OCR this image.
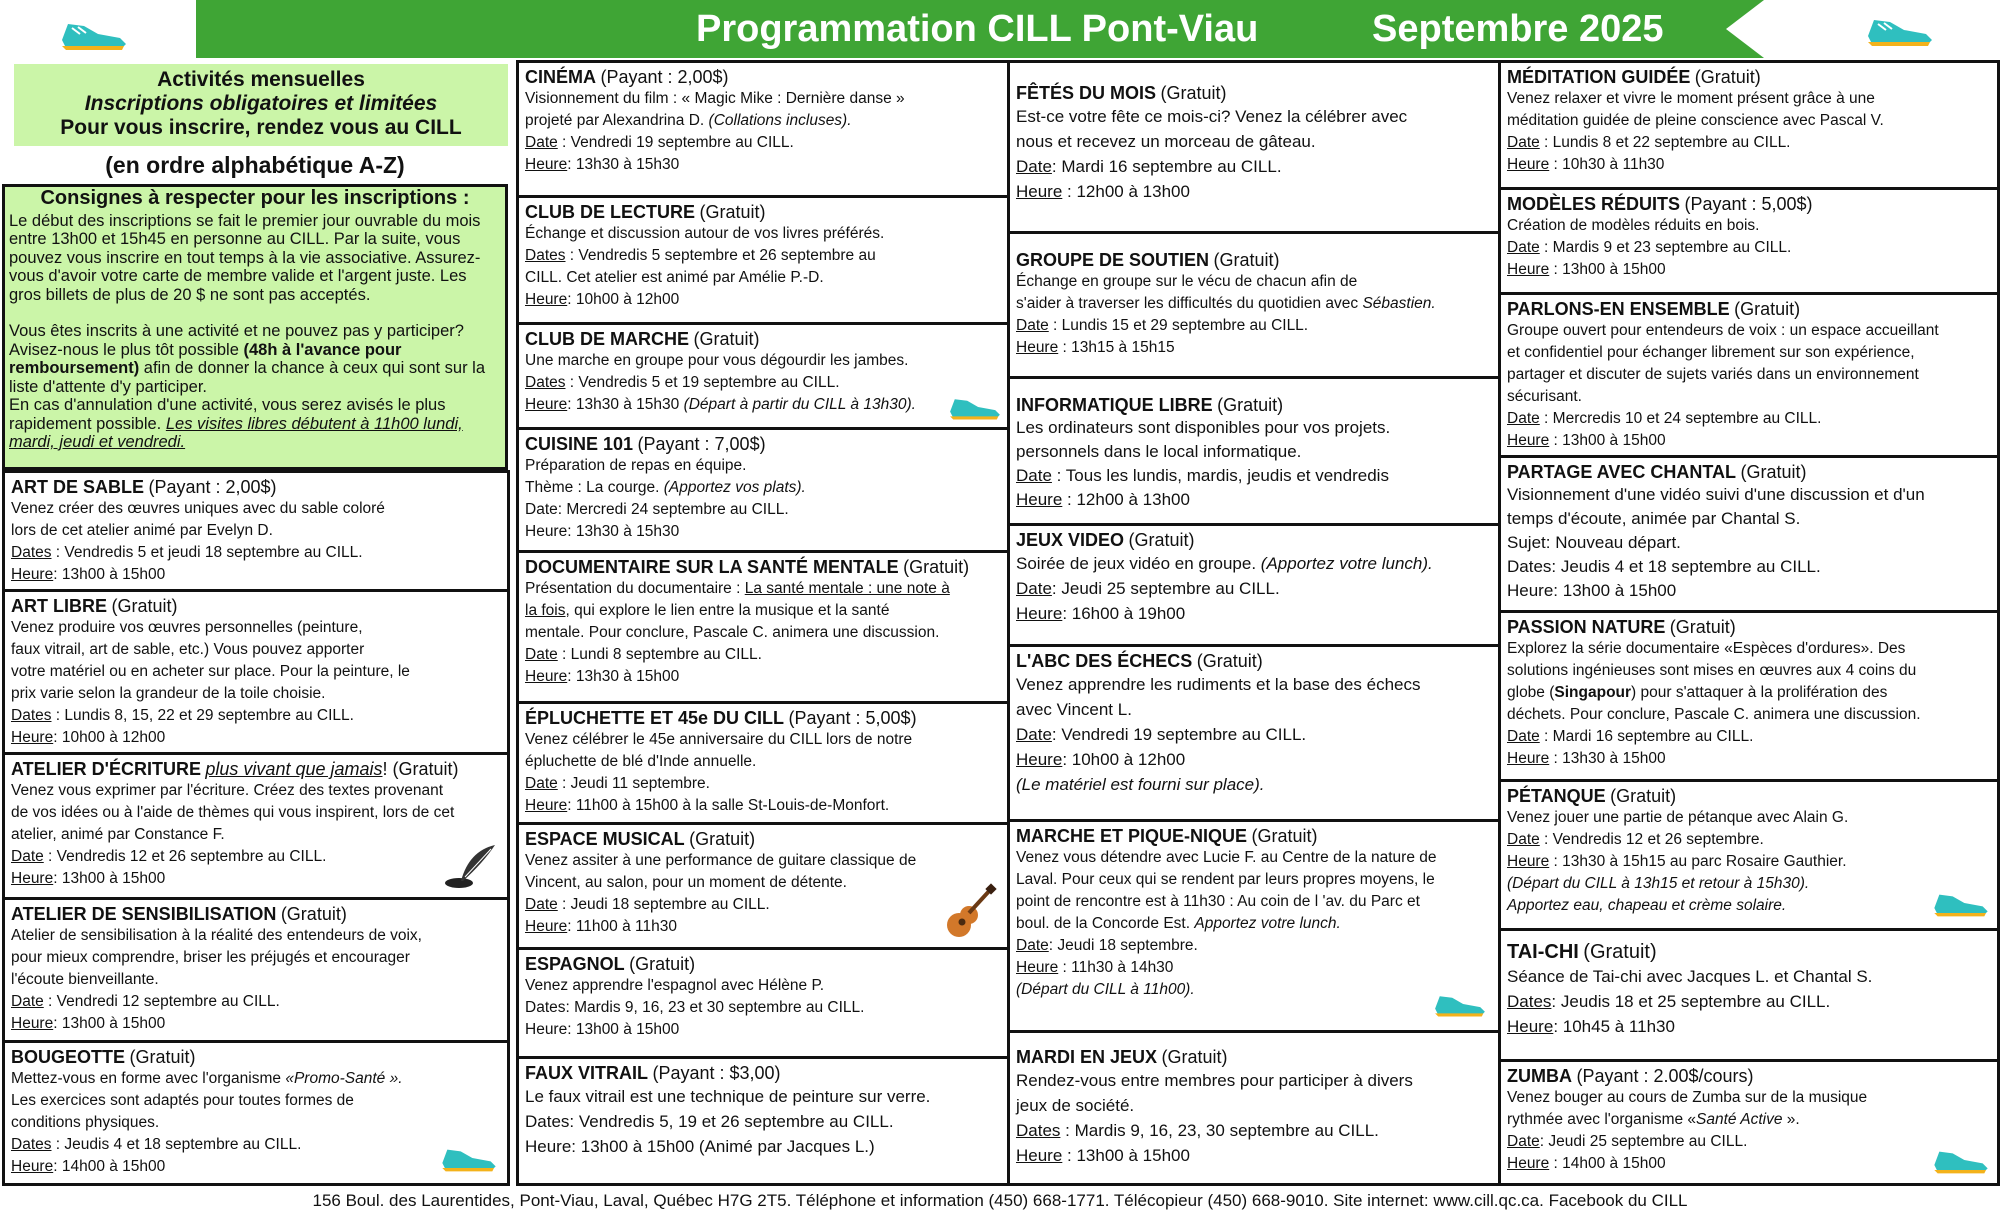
Programmation CILL Pont-Viau	Septembre 2025
Activités mensuelles
Inscriptions obligatoires et limitées
Pour vous inscrire, rendez vous au CILL
(en ordre alphabétique A-Z)
Consignes à respecter pour les inscriptions :
Le début des inscriptions se fait le premier jour ouvrable du mois entre 13h00 et 15h45 en personne au CILL. Par la suite, vous pouvez vous inscrire en tout temps à la vie associative. Assurez-vous d'avoir votre carte de membre valide et l'argent juste. Les gros billets de plus de 20 $ ne sont pas acceptés.
Vous êtes inscrits à une activité et ne pouvez pas y participer? Avisez-nous le plus tôt possible (48h à l'avance pour remboursement) afin de donner la chance à ceux qui sont sur la liste d'attente d'y participer.
En cas d'annulation d'une activité, vous serez avisés le plus rapidement possible. Les visites libres débutent à 11h00 lundi, mardi, jeudi et vendredi.
ART DE SABLE (Payant : 2,00$)

Venez créer des œuvres uniques avec du sable coloré

lors de cet atelier animé par Evelyn D.

Dates : Vendredis 5 et jeudi 18 septembre au CILL.

Heure: 13h00 à 15h00

ART LIBRE (Gratuit)

Venez produire vos œuvres personnelles (peinture,

faux vitrail, art de sable, etc.) Vous pouvez apporter

votre matériel ou en acheter sur place. Pour la peinture, le

prix varie selon la grandeur de la toile choisie.

Dates : Lundis 8, 15, 22 et 29 septembre au CILL.

Heure: 10h00 à 12h00

ATELIER D'ÉCRITURE plus vivant que jamais! (Gratuit)

Venez vous exprimer par l'écriture. Créez des textes provenant

de vos idées ou à l'aide de thèmes qui vous inspirent, lors de cet

atelier, animé par Constance F.

Date : Vendredis 12 et 26 septembre au CILL.

Heure: 13h00 à 15h00

ATELIER DE SENSIBILISATION (Gratuit)

Atelier de sensibilisation à la réalité des entendeurs de voix,

pour mieux comprendre, briser les préjugés et encourager

l'écoute bienveillante.

Date : Vendredi 12 septembre au CILL.

Heure: 13h00 à 15h00

BOUGEOTTE (Gratuit)

Mettez-vous en forme avec l'organisme «Promo-Santé ».

Les exercices sont adaptés pour toutes formes de

conditions physiques.

Dates : Jeudis 4 et 18 septembre au CILL.

Heure: 14h00 à 15h00

CINÉMA (Payant : 2,00$)

Visionnement du film : « Magic Mike : Dernière danse »

projeté par Alexandrina D. (Collations incluses).

Date : Vendredi 19 septembre au CILL.

Heure: 13h30 à 15h30

CLUB DE LECTURE (Gratuit)

Échange et discussion autour de vos livres préférés.

Dates : Vendredis 5 septembre et 26 septembre au

CILL. Cet atelier est animé par Amélie P.-D.

Heure: 10h00 à 12h00

CLUB DE MARCHE (Gratuit)

Une marche en groupe pour vous dégourdir les jambes.

Dates : Vendredis 5 et 19 septembre au CILL.

Heure: 13h30 à 15h30 (Départ à partir du CILL à 13h30).

CUISINE 101 (Payant : 7,00$)

Préparation de repas en équipe.

Thème : La courge. (Apportez vos plats).

Date: Mercredi 24 septembre au CILL.

Heure: 13h30 à 15h30

DOCUMENTAIRE SUR LA SANTÉ MENTALE (Gratuit)

Présentation du documentaire : La santé mentale : une note à

la fois, qui explore le lien entre la musique et la santé

mentale. Pour conclure, Pascale C. animera une discussion.

Date : Lundi 8 septembre au CILL.

Heure: 13h30 à 15h00

ÉPLUCHETTE ET 45e DU CILL (Payant : 5,00$)

Venez célébrer le 45e anniversaire du CILL lors de notre

épluchette de blé d'Inde annuelle.

Date : Jeudi 11 septembre.

Heure: 11h00 à 15h00 à la salle St-Louis-de-Monfort.

ESPACE MUSICAL (Gratuit)

Venez assiter à une performance de guitare classique de

Vincent, au salon, pour un moment de détente.

Date : Jeudi 18 septembre au CILL.

Heure: 11h00 à 11h30

ESPAGNOL (Gratuit)

Venez apprendre l'espagnol avec Hélène P.

Dates: Mardis 9, 16, 23 et 30 septembre au CILL.

Heure: 13h00 à 15h00

FAUX VITRAIL (Payant : $3,00)

Le faux vitrail est une technique de peinture sur verre.

Dates: Vendredis 5, 19 et 26 septembre au CILL.

Heure: 13h00 à 15h00 (Animé par Jacques L.)

FÊTÉS DU MOIS (Gratuit)

Est-ce votre fête ce mois-ci? Venez la célébrer avec

nous et recevez un morceau de gâteau.

Date: Mardi 16 septembre au CILL.

Heure : 12h00 à 13h00

GROUPE DE SOUTIEN (Gratuit)

Échange en groupe sur le vécu de chacun afin de

s'aider à traverser les difficultés du quotidien avec Sébastien.

Date : Lundis 15 et 29 septembre au CILL.

Heure : 13h15 à 15h15

INFORMATIQUE LIBRE (Gratuit)

Les ordinateurs sont disponibles pour vos projets.

personnels dans le local informatique.

Date : Tous les lundis, mardis, jeudis et vendredis

Heure : 12h00 à 13h00

JEUX VIDEO (Gratuit)

Soirée de jeux vidéo en groupe. (Apportez votre lunch).

Date: Jeudi 25 septembre au CILL.

Heure: 16h00 à 19h00

L'ABC DES ÉCHECS (Gratuit)

Venez apprendre les rudiments et la base des échecs

avec Vincent L.

Date: Vendredi 19 septembre au CILL.

Heure: 10h00 à 12h00

(Le matériel est fourni sur place).

MARCHE ET PIQUE-NIQUE (Gratuit)

Venez vous détendre avec Lucie F. au Centre de la nature de

Laval. Pour ceux qui se rendent par leurs propres moyens, le

point de rencontre est à 11h30 : Au coin de l 'av. du Parc et

boul. de la Concorde Est. Apportez votre lunch.

Date: Jeudi 18 septembre.

Heure : 11h30 à 14h30

(Départ du CILL à 11h00).

MARDI EN JEUX (Gratuit)

Rendez-vous entre membres pour participer à divers

jeux de société.

Dates : Mardis 9, 16, 23, 30 septembre au CILL.

Heure : 13h00 à 15h00

MÉDITATION GUIDÉE (Gratuit)

Venez relaxer et vivre le moment présent grâce à une

méditation guidée de pleine conscience avec Pascal V.

Date : Lundis 8 et 22 septembre au CILL.

Heure : 10h30 à 11h30

MODÈLES RÉDUITS (Payant : 5,00$)

Création de modèles réduits en bois.

Date : Mardis 9 et 23 septembre au CILL.

Heure : 13h00 à 15h00

PARLONS-EN ENSEMBLE (Gratuit)

Groupe ouvert pour entendeurs de voix : un espace accueillant

et confidentiel pour échanger librement sur son expérience,

partager et discuter de sujets variés dans un environnement

sécurisant.

Date : Mercredis 10 et 24 septembre au CILL.

Heure : 13h00 à 15h00

PARTAGE AVEC CHANTAL (Gratuit)

Visionnement d'une vidéo suivi d'une discussion et d'un

temps d'écoute, animée par Chantal S.

Sujet: Nouveau départ.

Dates: Jeudis 4 et 18 septembre au CILL.

Heure: 13h00 à 15h00

PASSION NATURE (Gratuit)

Explorez la série documentaire «Espèces d'ordures». Des

solutions ingénieuses sont mises en œuvres aux 4 coins du

globe (Singapour) pour s'attaquer à la prolifération des

déchets. Pour conclure, Pascale C. animera une discussion.

Date : Mardi 16 septembre au CILL.

Heure : 13h30 à 15h00

PÉTANQUE (Gratuit)

Venez jouer une partie de pétanque avec Alain G.

Date : Vendredis 12 et 26 septembre.

Heure : 13h30 à 15h15 au parc Rosaire Gauthier.

(Départ du CILL à 13h15 et retour à 15h30).

Apportez eau, chapeau et crème solaire.

TAI-CHI (Gratuit)

Séance de Tai-chi avec Jacques L. et Chantal S.

Dates: Jeudis 18 et 25 septembre au CILL.

Heure: 10h45 à 11h30

ZUMBA (Payant : 2.00$/cours)

Venez bouger au cours de Zumba sur de la musique

rythmée avec l'organisme «Santé Active ».

Date: Jeudi 25 septembre au CILL.

Heure : 14h00 à 15h00

156 Boul. des Laurentides, Pont-Viau, Laval, Québec H7G 2T5. Téléphone et information (450) 668-1771. Télécopieur (450) 668-9010. Site internet: www.cill.qc.ca. Facebook du CILL
